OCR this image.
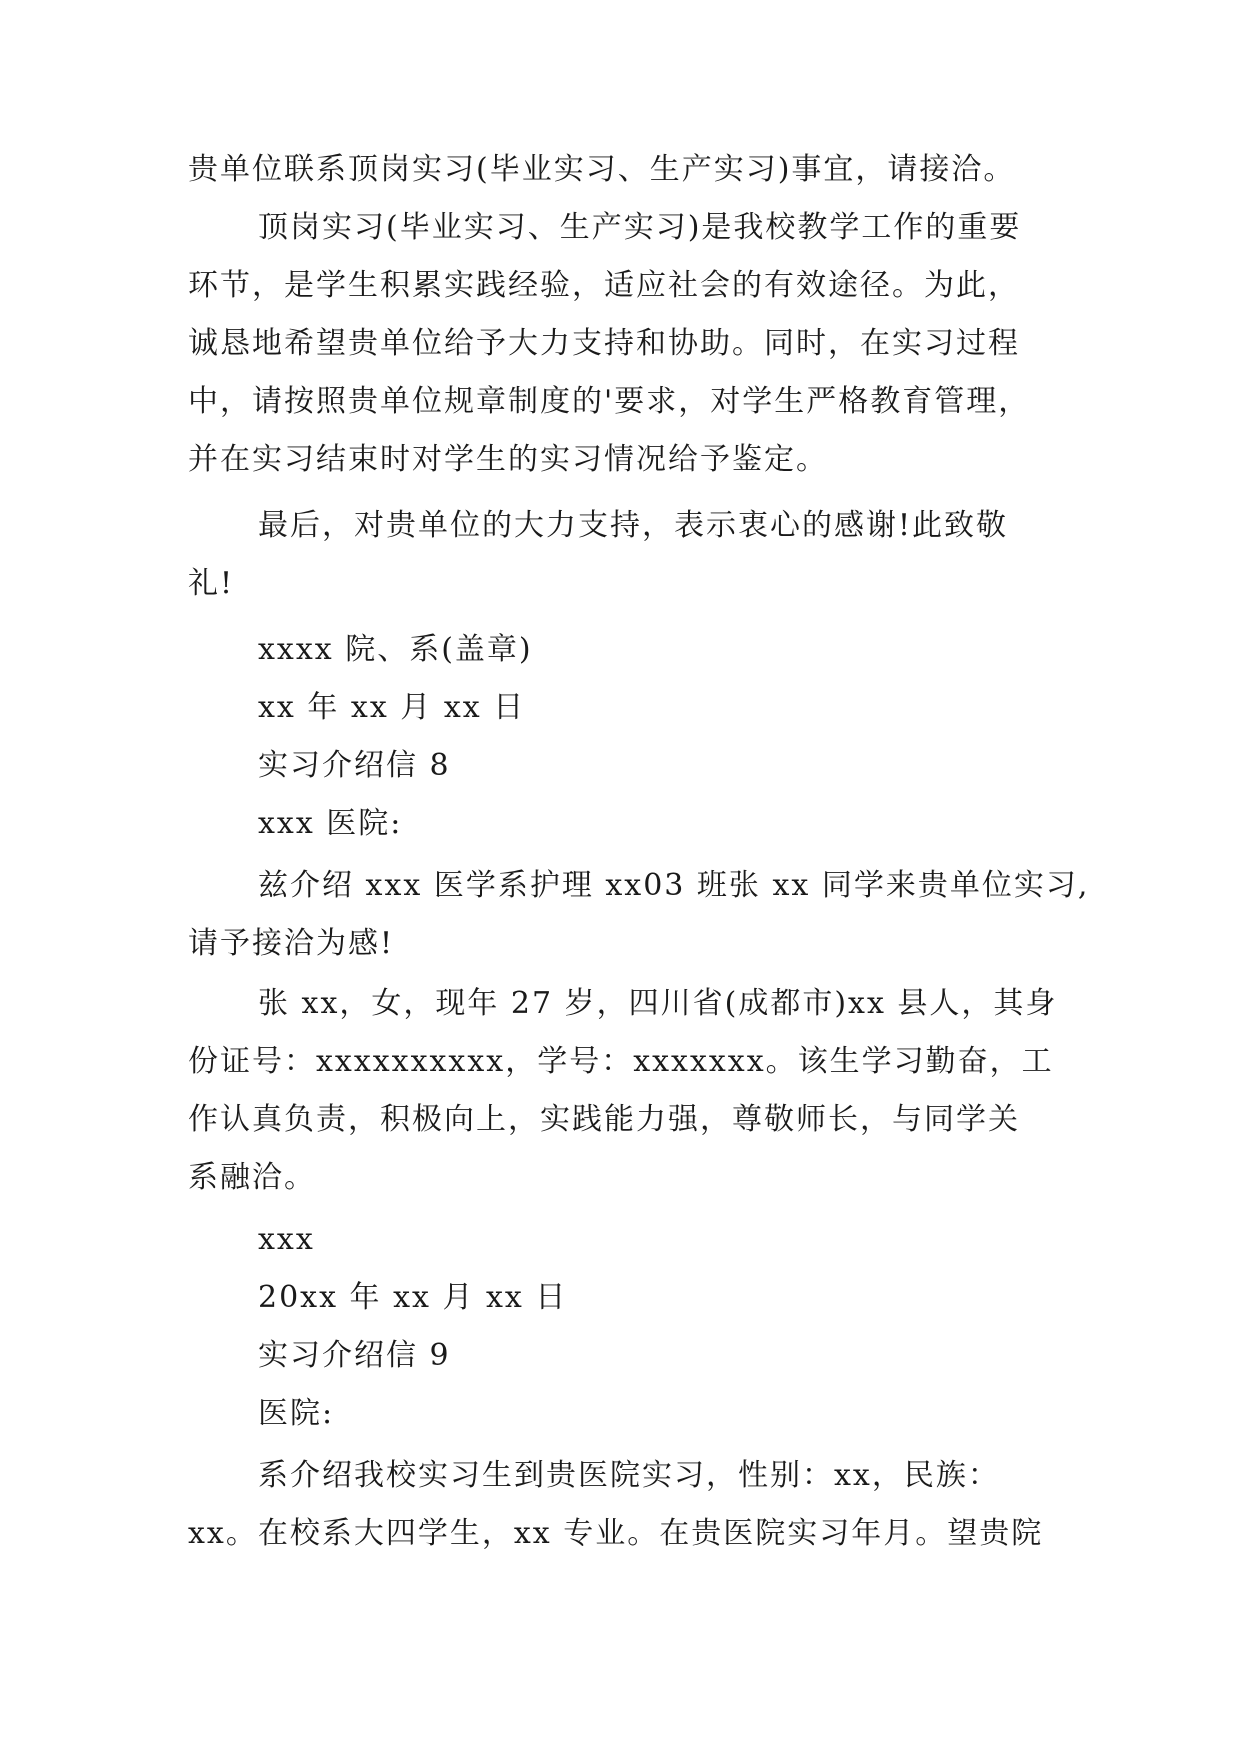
贵单位联系顶岗实习(毕业实习、生产实习)事宜，请接洽。
顶岗实习(毕业实习、生产实习)是我校教学工作的重要
环节，是学生积累实践经验，适应社会的有效途径。为此，
诚恳地希望贵单位给予大力支持和协助。同时，在实习过程
中，请按照贵单位规章制度的'要求，对学生严格教育管理，
并在实习结束时对学生的实习情况给予鉴定。
最后，对贵单位的大力支持，表示衷心的感谢!此致敬
礼!
xxxx 院、系(盖章)
xx 年 xx 月 xx 日
实习介绍信 8
xxx 医院:
兹介绍 xxx 医学系护理 xx03 班张 xx 同学来贵单位实习,
请予接洽为感!
张 xx，女，现年 27 岁，四川省(成都市)xx 县人，其身
份证号：xxxxxxxxxx，学号：xxxxxxx。该生学习勤奋，工
作认真负责，积极向上，实践能力强，尊敬师长，与同学关
系融洽。
xxx
20xx 年 xx 月 xx 日
实习介绍信 9
医院:
系介绍我校实习生到贵医院实习，性别：xx，民族：
xx。在校系大四学生，xx 专业。在贵医院实习年月。望贵院
